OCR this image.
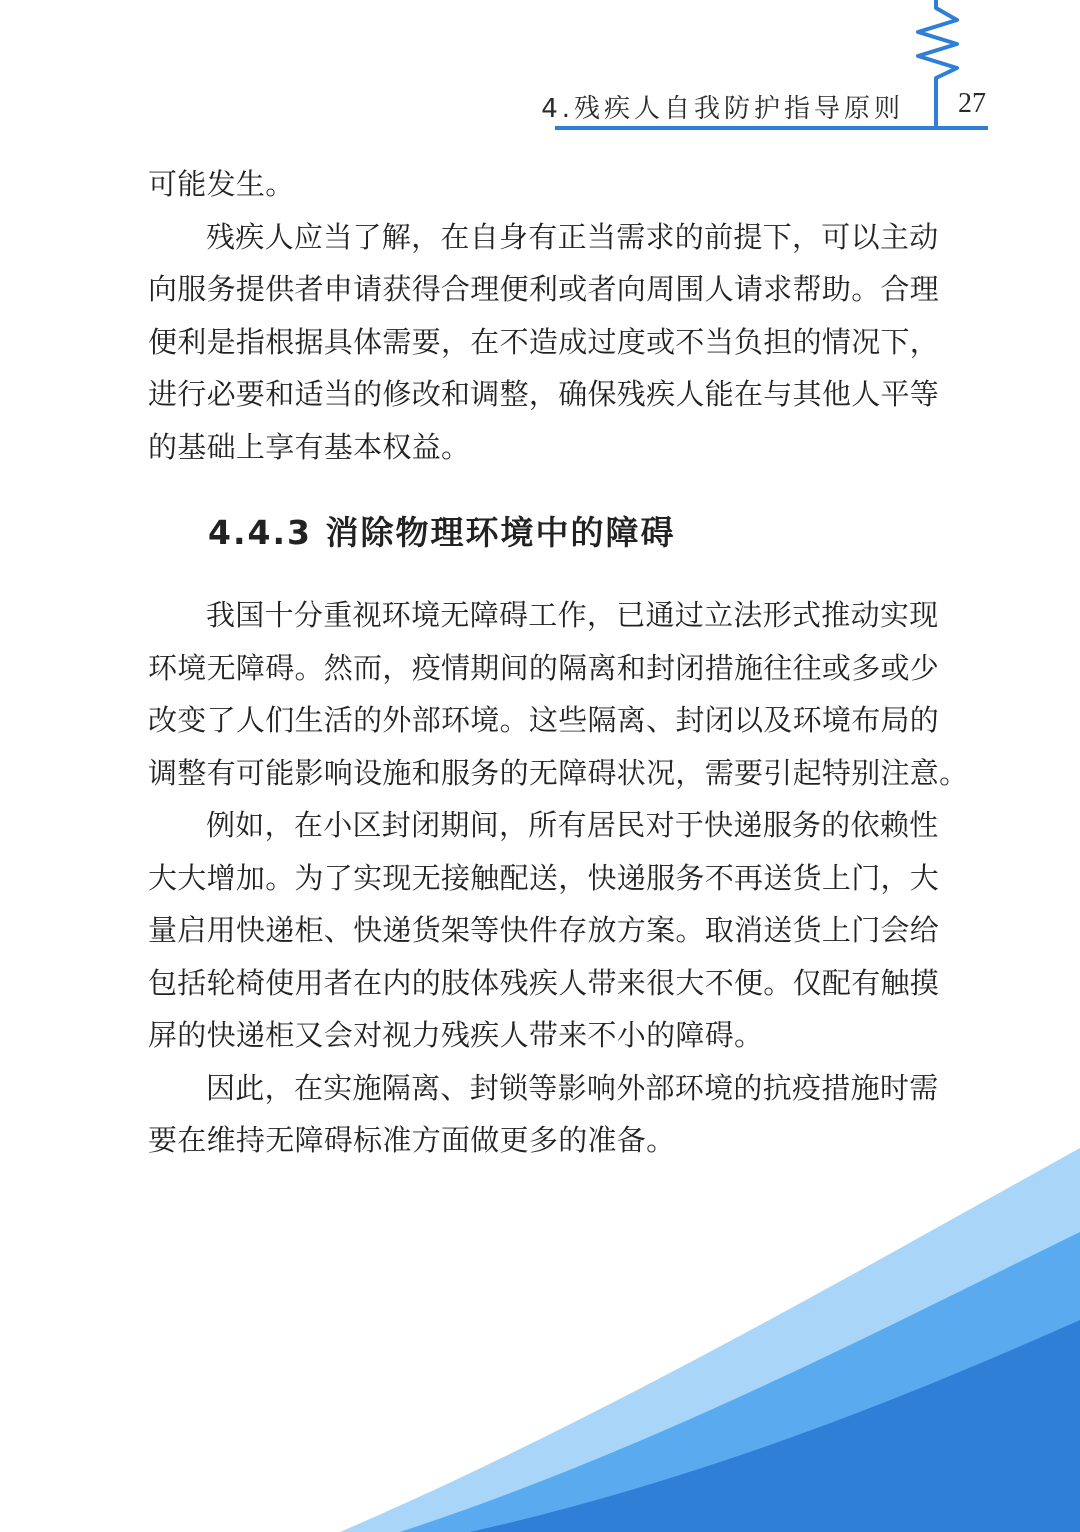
4.残疾人自我防护指导原则 27

可能发生。

残疾人应当了解，在自身有正当需求的前提下，可以主动
向服务提供者申请获得合理便利或者向周围人请求帮助。合理
便利是指根据具体需要，在不造成过度或不当负担的情况下，
进行必要和适当的修改和调整，确保残疾人能在与其他人平等
的基础上享有基本权益。

4.4.3 消除物理环境中的障碍

我国十分重视环境无障碍工作，已通过立法形式推动实现
环境无障碍。然而，疫情期间的隔离和封闭措施往往或多或少
改变了人们生活的外部环境。这些隔离、封闭以及环境布局的
调整有可能影响设施和服务的无障碍状况，需要引起特别注意。

例如，在小区封闭期间，所有居民对于快递服务的依赖性
大大增加。为了实现无接触配送，快递服务不再送货上门，大
量启用快递柜、快递货架等快件存放方案。取消送货上门会给
包括轮椅使用者在内的肢体残疾人带来很大不便。仅配有触摸
屏的快递柜又会对视力残疾人带来不小的障碍。

因此，在实施隔离、封锁等影响外部环境的抗疫措施时需
要在维持无障碍标准方面做更多的准备。
